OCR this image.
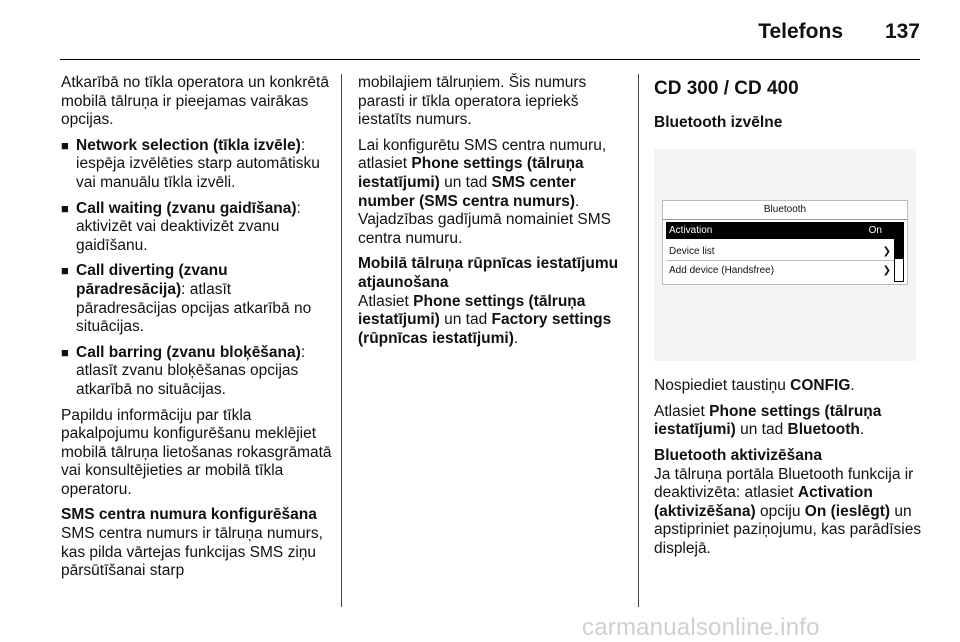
Telefons 137

Atkarībā no tīkla operatora un konkrētā mobilā tālruņa ir pieejamas vairākas opcijas.

■ Network selection (tīkla izvēle): iespēja izvēlēties starp automātisku vai manuālu tīkla izvēli.
■ Call waiting (zvanu gaidīšana): aktivizēt vai deaktivizēt zvanu gaidīšanu.
■ Call diverting (zvanu pāradresācija): atlasīt pāradresācijas opcijas atkarībā no situācijas.
■ Call barring (zvanu bloķēšana): atlasīt zvanu bloķēšanas opcijas atkarībā no situācijas.

Papildu informāciju par tīkla pakalpojumu konfigurēšanu meklējiet mobilā tālruņa lietošanas rokasgrāmatā vai konsultējieties ar mobilā tīkla operatoru.

SMS centra numura konfigurēšana

SMS centra numurs ir tālruņa numurs, kas pilda vārtejas funkcijas SMS ziņu pārsūtīšanai starp

mobilajiem tālruņiem. Šis numurs parasti ir tīkla operatora iepriekš iestatīts numurs.

Lai konfigurētu SMS centra numuru, atlasiet Phone settings (tālruņa iestatījumi) un tad SMS center number (SMS centra numurs).
Vajadzības gadījumā nomainiet SMS centra numuru.

Mobilā tālruņa rūpnīcas iestatījumu atjaunošana

Atlasiet Phone settings (tālruņa iestatījumi) un tad Factory settings (rūpnīcas iestatījumi).

CD 300 / CD 400
Bluetooth izvēlne
Bluetooth
Activation	On
Device list	❯
Add device (Handsfree)	❯

Nospiediet taustiņu CONFIG.

Atlasiet Phone settings (tālruņa iestatījumi) un tad Bluetooth.

Bluetooth aktivizēšana

Ja tālruņa portāla Bluetooth funkcija ir deaktivizēta: atlasiet Activation (aktivizēšana) opciju On (ieslēgt) un apstipriniet paziņojumu, kas parādīsies displejā.

carmanualsonline.info
